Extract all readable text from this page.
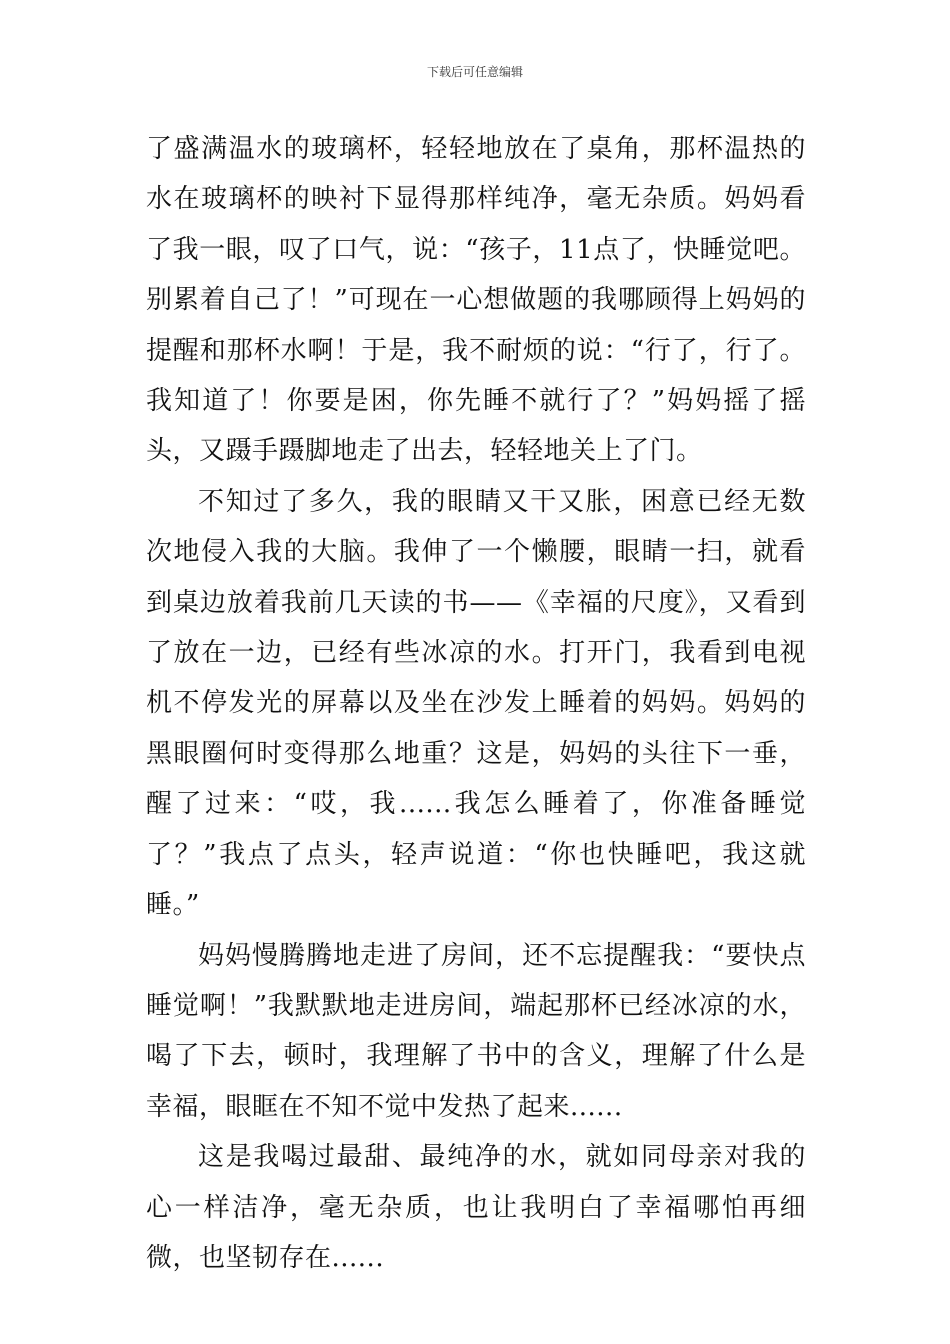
下载后可任意编辑

了盛满温水的玻璃杯，轻轻地放在了桌角，那杯温热的水在玻璃杯的映衬下显得那样纯净，毫无杂质。妈妈看了我一眼，叹了口气，说：“孩子，11点了，快睡觉吧。别累着自己了！”可现在一心想做题的我哪顾得上妈妈的提醒和那杯水啊！于是，我不耐烦的说：“行了，行了。我知道了！你要是困，你先睡不就行了？”妈妈摇了摇头，又蹑手蹑脚地走了出去，轻轻地关上了门。

不知过了多久，我的眼睛又干又胀，困意已经无数次地侵入我的大脑。我伸了一个懒腰，眼睛一扫，就看到桌边放着我前几天读的书——《幸福的尺度》，又看到了放在一边，已经有些冰凉的水。打开门，我看到电视机不停发光的屏幕以及坐在沙发上睡着的妈妈。妈妈的黑眼圈何时变得那么地重？这是，妈妈的头往下一垂，醒了过来：“哎，我......我怎么睡着了，你准备睡觉了？”我点了点头，轻声说道：“你也快睡吧，我这就睡。”

妈妈慢腾腾地走进了房间，还不忘提醒我：“要快点睡觉啊！”我默默地走进房间，端起那杯已经冰凉的水，喝了下去，顿时，我理解了书中的含义，理解了什么是幸福，眼眶在不知不觉中发热了起来......

这是我喝过最甜、最纯净的水，就如同母亲对我的心一样洁净，毫无杂质，也让我明白了幸福哪怕再细微，也坚韧存在......
